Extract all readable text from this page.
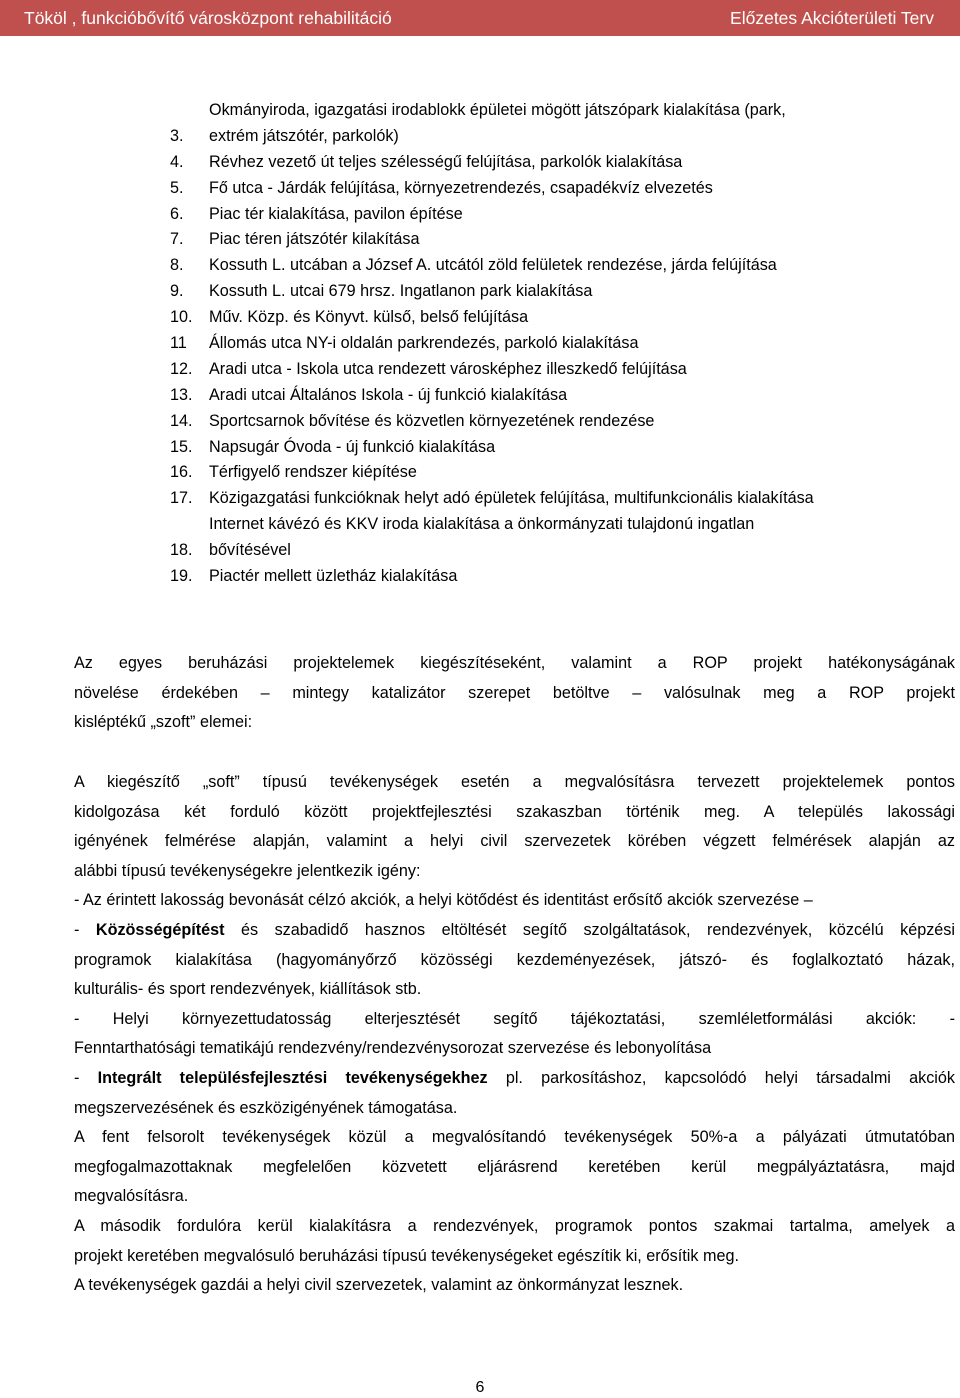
Tököl , funkcióbővítő városközpont rehabilitáció	Előzetes Akcióterületi Terv
Okmányiroda, igazgatási irodablokk épületei mögött játszópark kialakítása (park,
3. extrém játszótér, parkolók)
4. Révhez vezető út teljes szélességű felújítása, parkolók kialakítása
5. Fő utca - Járdák felújítása, környezetrendezés, csapadékvíz elvezetés
6. Piac tér kialakítása, pavilon építése
7. Piac téren játszótér kilakítása
8. Kossuth L. utcában a József A. utcától zöld felületek rendezése, járda felújítása
9. Kossuth L. utcai 679 hrsz. Ingatlanon park kialakítása
10. Műv. Közp. és Könyvt. külső, belső felújítása
11 Állomás utca NY-i oldalán parkrendezés, parkoló kialakítása
12. Aradi utca - Iskola utca rendezett városképhez illeszkedő felújítása
13. Aradi utcai Általános Iskola - új funkció kialakítása
14. Sportcsarnok bővítése és közvetlen környezetének rendezése
15. Napsugár Óvoda - új funkció kialakítása
16. Térfigyelő rendszer kiépítése
17. Közigazgatási funkcióknak helyt adó épületek felújítása, multifunkcionális kialakítása
Internet kávézó és KKV iroda kialakítása a önkormányzati tulajdonú ingatlan
18. bővítésével
19. Piactér mellett üzletház kialakítása
Az egyes beruházási projektelemek kiegészítéseként, valamint a ROP projekt hatékonyságának
növelése érdekében – mintegy katalizátor szerepet betöltve – valósulnak meg a ROP projekt
kisléptékű „szoft” elemei:
A kiegészítő „soft” típusú tevékenységek esetén a megvalósításra tervezett projektelemek pontos
kidolgozása két forduló között projektfejlesztési szakaszban történik meg. A település lakossági
igényének felmérése alapján, valamint a helyi civil szervezetek körében végzett felmérések alapján az
alábbi típusú tevékenységekre jelentkezik igény:
- Az érintett lakosság bevonását célzó akciók, a helyi kötődést és identitást erősítő akciók szervezése –
- Közösségépítést és szabadidő hasznos eltöltését segítő szolgáltatások, rendezvények, közcélú képzési
programok kialakítása (hagyományőrző közösségi kezdeményezések, játszó- és foglalkoztató házak,
kulturális- és sport rendezvények, kiállítások stb.
- Helyi környezettudatosság elterjesztését segítő tájékoztatási, szemléletformálási akciók: -
Fenntarthatósági tematikájú rendezvény/rendezvénysorozat szervezése és lebonyolítása
- Integrált településfejlesztési tevékenységekhez pl. parkosításhoz, kapcsolódó helyi társadalmi akciók
megszervezésének és eszközigényének támogatása.
A fent felsorolt tevékenységek közül a megvalósítandó tevékenységek 50%-a a pályázati útmutatóban
megfogalmazottaknak megfelelően közvetett eljárásrend keretében kerül megpályáztatásra, majd
megvalósításra.
A második fordulóra kerül kialakításra a rendezvények, programok pontos szakmai tartalma, amelyek a
projekt keretében megvalósuló beruházási típusú tevékenységeket egészítik ki, erősítik meg.
A tevékenységek gazdái a helyi civil szervezetek, valamint az önkormányzat lesznek.
6
